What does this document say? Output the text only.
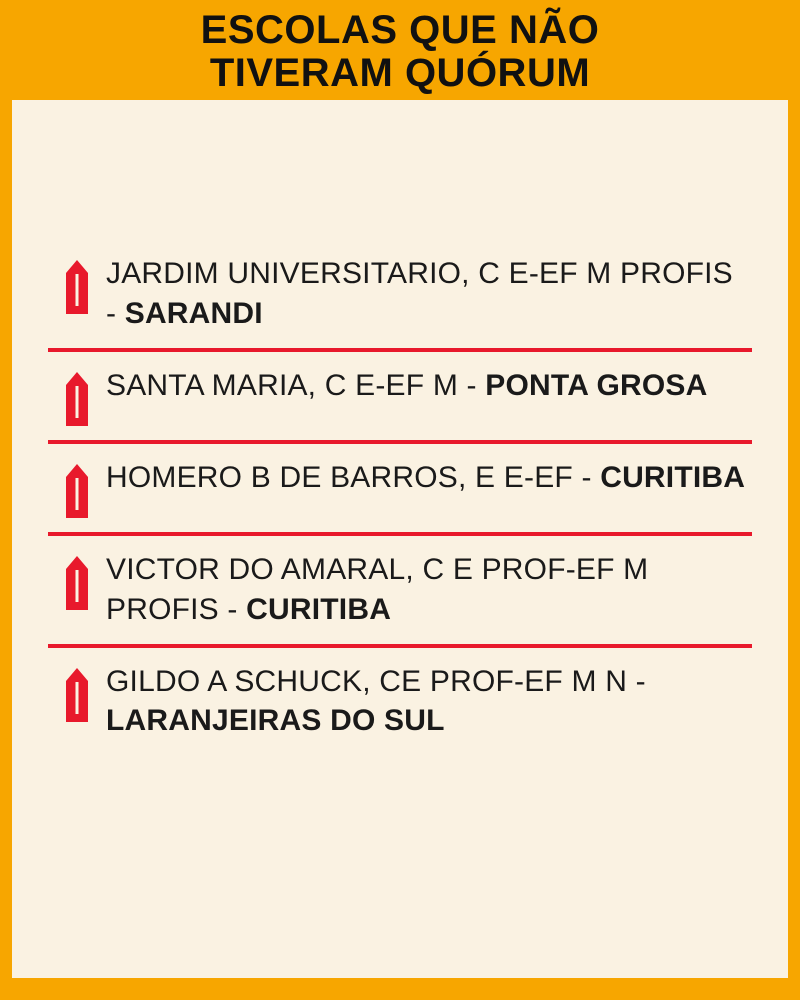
ESCOLAS QUE NÃO
TIVERAM QUÓRUM
JARDIM UNIVERSITARIO, C E-EF M PROFIS - SARANDI
SANTA MARIA, C E-EF M - PONTA GROSA
HOMERO B DE BARROS, E E-EF - CURITIBA
VICTOR DO AMARAL, C E PROF-EF M PROFIS - CURITIBA
GILDO A SCHUCK, CE PROF-EF M N - LARANJEIRAS DO SUL
